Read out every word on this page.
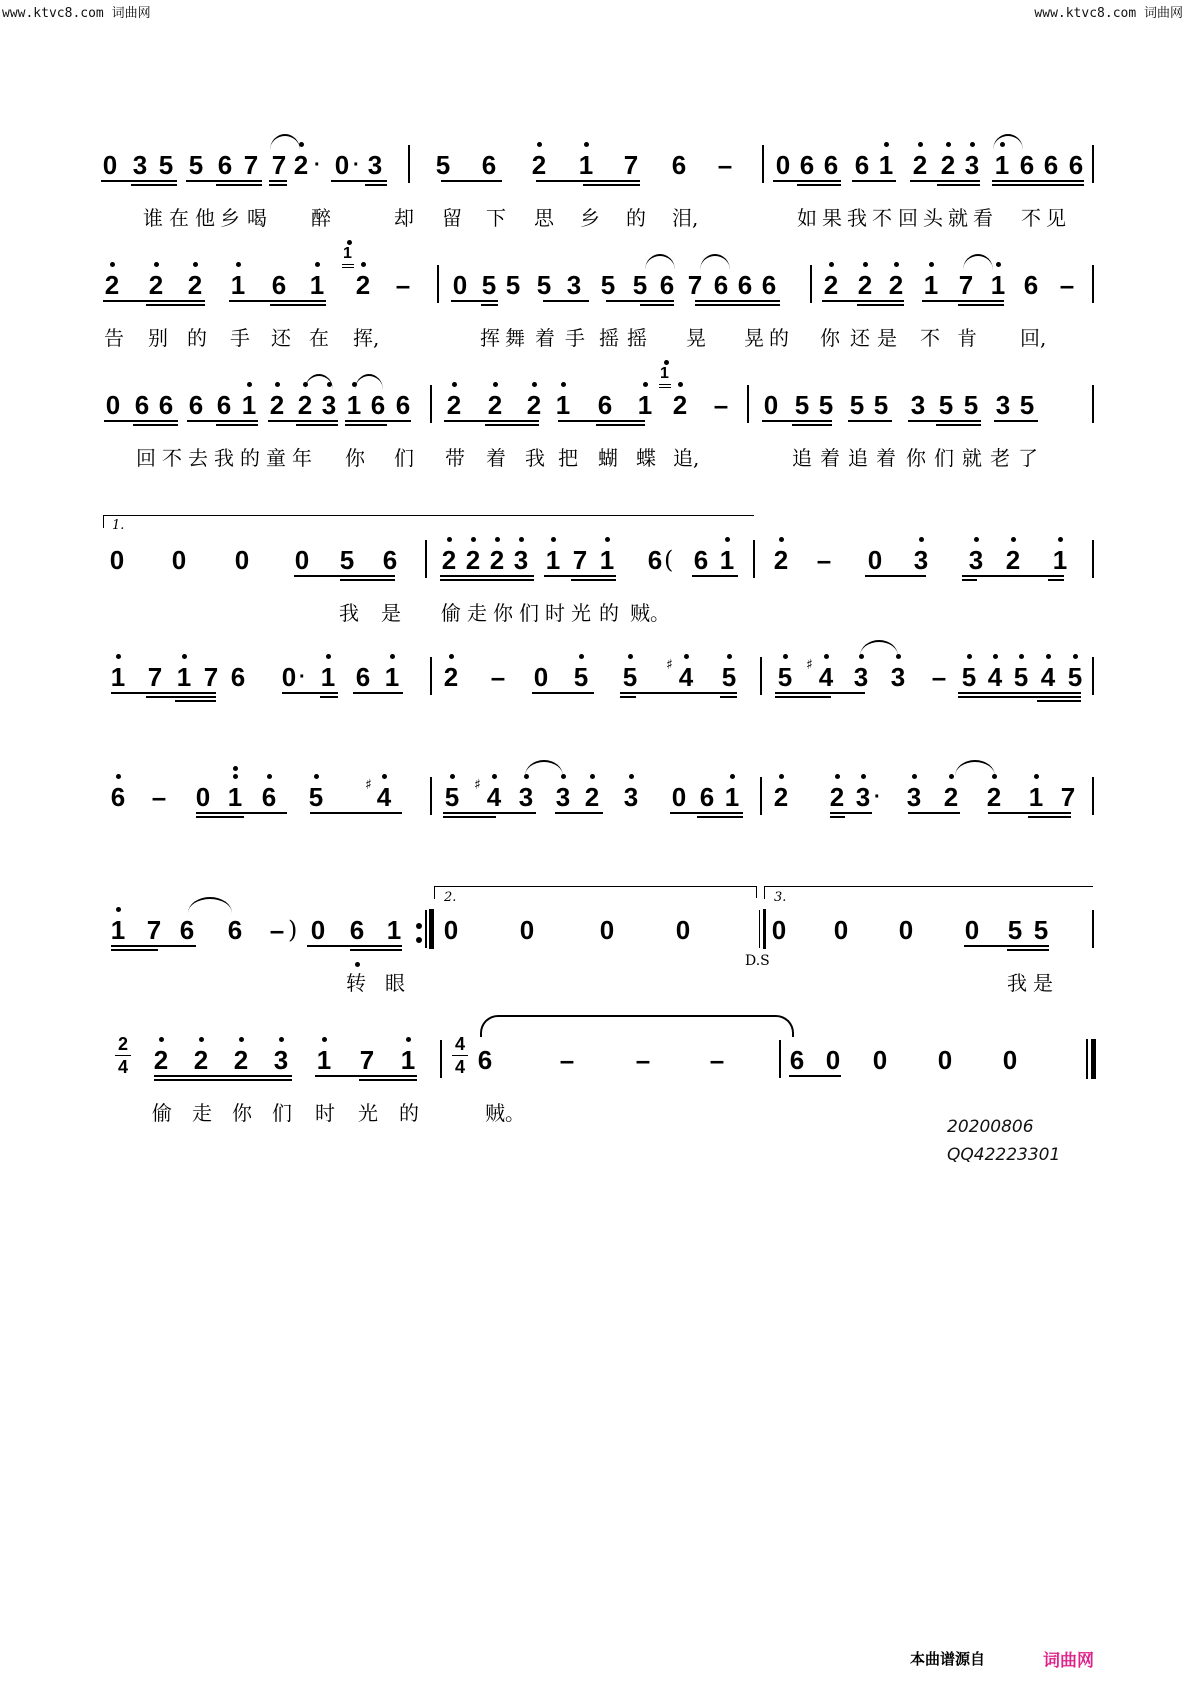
www.ktvc8.com 词曲网	www.ktvc8.com 词曲网
0 3 5 5 6 7 7 2 · 0 · 3 5 6 2 1 7 6 – 0 6 6 6 1 2 2 3 1 6 6 6
谁 在 他 乡 喝 醉	却 留 下 思 乡 的 泪,	如 果 我 不 回 头 就 看 不 见
2 2 2 1 6 1
1
2 – 0 5 5 5 3 5 5 6 7 6 6 6 2 2 2 1 7 1 6 –
告 别 的 手 还 在 挥,	挥 舞 着 手 摇 摇 晃 晃 的 你 还 是 不 肯 回,
0 6 6 6 6 1 2 2 3 1 6 6 2 2 2 1 6 1
1
2 – 0 5 5 5 5 3 5 5 3 5
回 不 去 我 的 童 年 你 们 带 着 我 把 蝴 蝶 追,	追 着 追 着 你 们 就 老 了
1.
0 0 0 0 5 6 2 2 2 3 1 7 1 6 ( 6 1 2 – 0 3 3 2 1
我 是 偷 走 你 们 时 光 的 贼。
1 7 1 7 6 0 · 1 6 1 2 – 0 5 5 ♯ 4 5 5 ♯ 4 3 3 – 5 4 5 4 5
6 – 0 1 6 5	♯ 4 5 ♯ 4 3 3 2 3 0 6 1 2 2 3 · 3 2 2 1 7
2.	3.
1 7 6 6 – ) 0 6 1 0 0	0 0
D.S
0 0 0 0 5 5
转 眼	我 是
2
4 2 2 2 3 1 7 1
4
4 6	– – –	6 0 0 0 0
偷 走 你 们 时 光 的	贼。
20200806
QQ42223301
本曲谱源自	词曲网
